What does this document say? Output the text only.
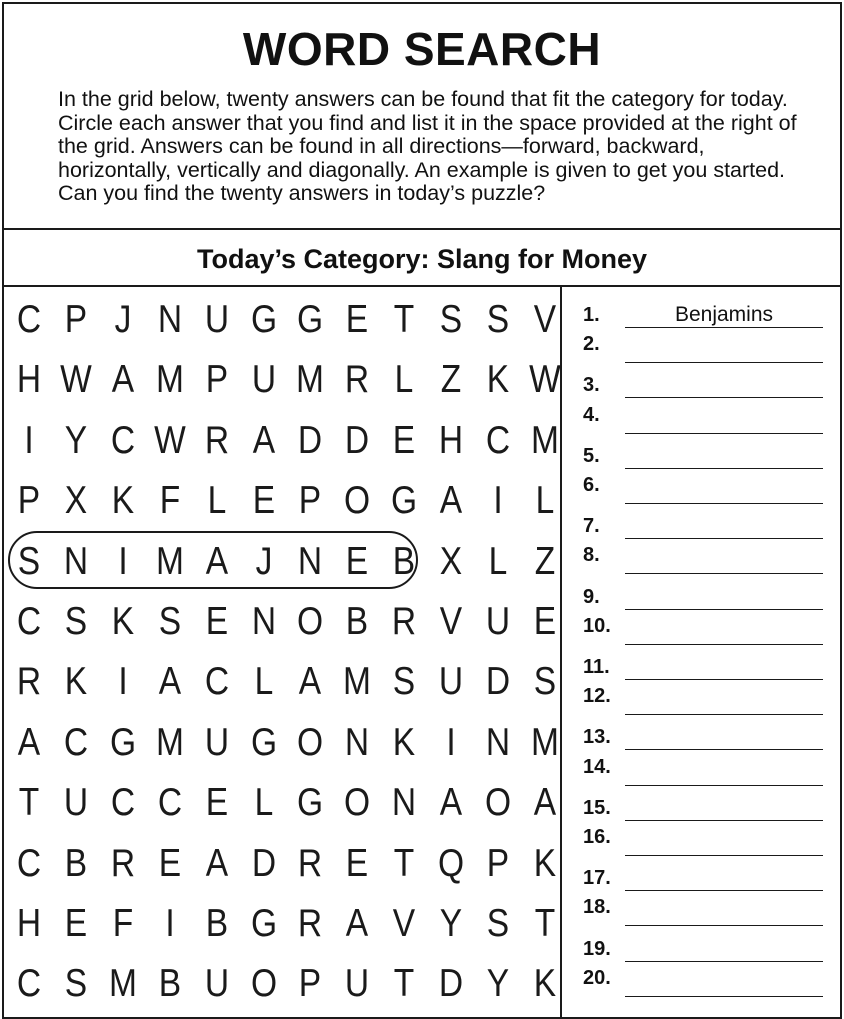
WORD SEARCH
In the grid below, twenty answers can be found that fit the category for today. Circle each answer that you find and list it in the space provided at the right of the grid. Answers can be found in all directions—forward, backward, horizontally, vertically and diagonally. An example is given to get you started. Can you find the twenty answers in today’s puzzle?
Today’s Category: Slang for Money
C P J N U G G E T S S V
H W A M P U M R L Z K W
I Y C W R A D D E H C M
P X K F L E P O G A I L
S N I M A J N E B X L Z
C S K S E N O B R V U E
R K I A C L A M S U D S
A C G M U G O N K I N M
T U C C E L G O N A O A
C B R E A D R E T Q P K
H E F I B G R A V Y S T
C S M B U O P U T D Y K
1.	Benjamins
2.
3.
4.
5.
6.
7.
8.
9.
10.
11.
12.
13.
14.
15.
16.
17.
18.
19.
20.
